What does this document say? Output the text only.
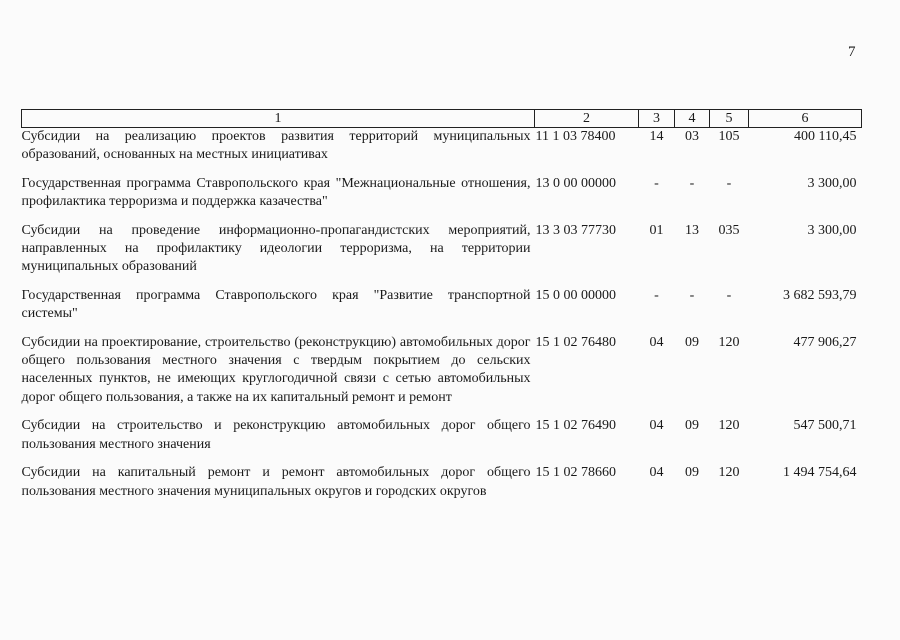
7
1	2	3	4	5	6
Субсидии на реализацию проектов развития территорий муниципальных образований, основанных на местных инициативах	11 1 03 78400	14	03	105	400 110,45

Государственная программа Ставропольского края "Межнациональные отношения, профилактика терроризма и поддержка казачества"	13 0 00 00000	-	-	-	3 300,00

Субсидии на проведение информационно-пропагандистских мероприятий, направленных на профилактику идеологии терроризма, на территории муниципальных образований	13 3 03 77730	01	13	035	3 300,00

Государственная программа Ставропольского края "Развитие транспортной системы"	15 0 00 00000	-	-	-	3 682 593,79

Субсидии на проектирование, строительство (реконструкцию) автомобильных дорог общего пользования местного значения с твердым покрытием до сельских населенных пунктов, не имеющих круглогодичной связи с сетью автомобильных дорог общего пользования, а также на их капитальный ремонт и ремонт	15 1 02 76480	04	09	120	477 906,27

Субсидии на строительство и реконструкцию автомобильных дорог общего пользования местного значения	15 1 02 76490	04	09	120	547 500,71

Субсидии на капитальный ремонт и ремонт автомобильных дорог общего пользования местного значения муниципальных округов и городских округов	15 1 02 78660	04	09	120	1 494 754,64
